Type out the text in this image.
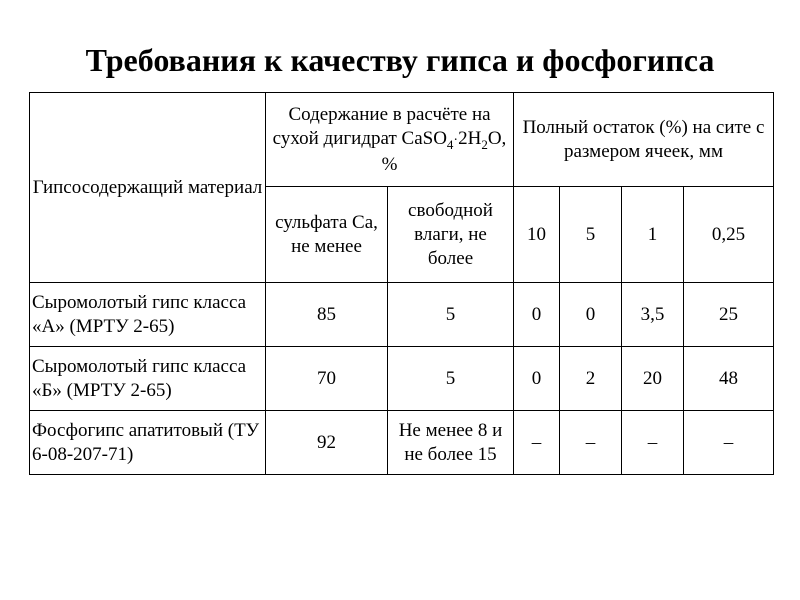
Требования к качеству гипса и фосфогипса
Гипсосодержащий материал	Содержание в расчёте на сухой дигидрат $CaSO_4\cdot 2H_2O$, %		Полный остаток (%) на сите с размером ячеек, мм			
	сульфата Са, не менее	свободной влаги, не более	10	5	1	0,25
Сыромолотый гипс класса «А» (МРТУ 2-65)	85	5	0	0	3,5	25
Сыромолотый гипс класса «Б» (МРТУ 2-65)	70	5	0	2	20	48
Фосфогипс апатитовый (ТУ 6-08-207-71)	92	Не менее 8 и не более 15	–	–	–	–
